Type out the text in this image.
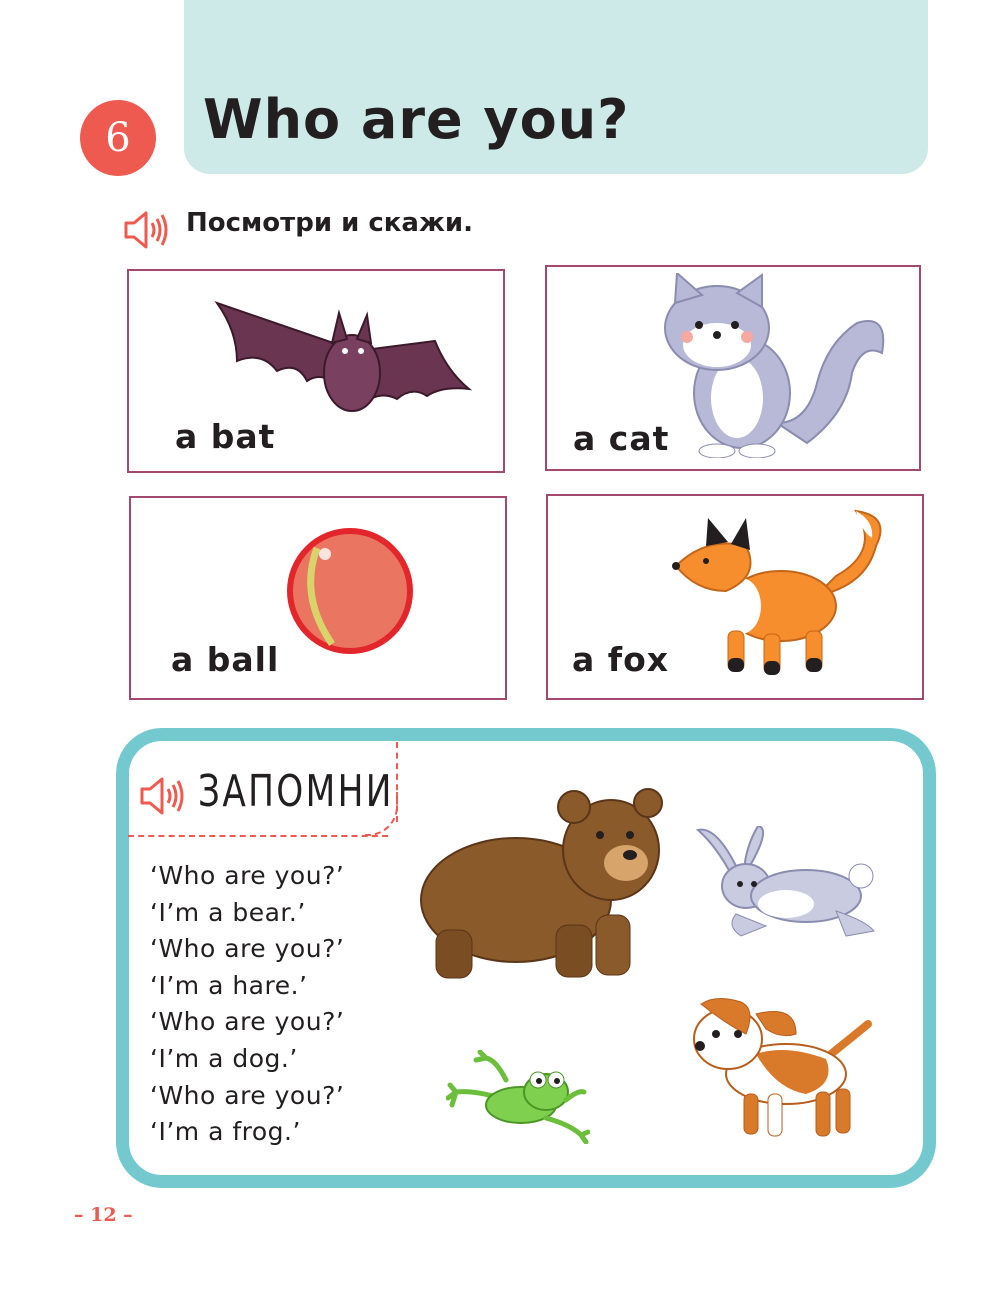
6 Who are you?
Посмотри и скажи.
a bat	a cat
a ball	a fox
ЗАПОМНИ
‘Who are you?’
‘I’m a bear.’
‘Who are you?’
‘I’m a hare.’
‘Who are you?’
‘I’m a dog.’
‘Who are you?’
‘I’m a frog.’
– 12 –
